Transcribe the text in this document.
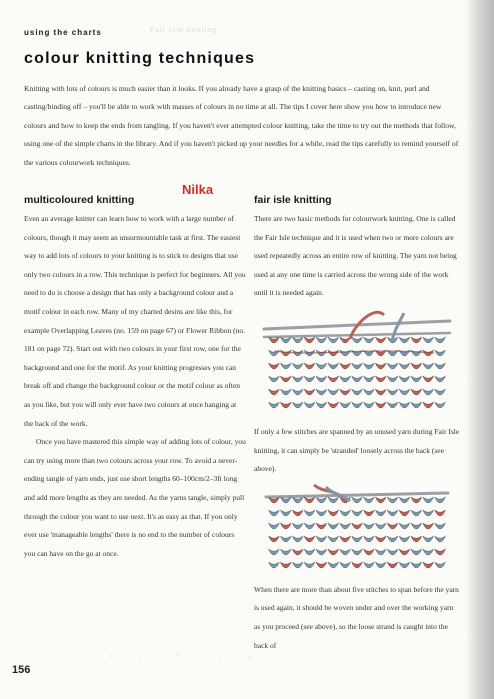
using the charts	Fair Isle knitting
colour knitting techniques

Knitting with lots of colours is much easier than it looks. If you already have a grasp of the knitting basics – casting on, knit, purl and casting/binding off – you'll be able to work with masses of colours in no time at all. The tips I cover here show you how to introduce new colours and how to keep the ends from tangling. If you haven't ever attempted colour knitting, take the time to try out the methods that follow, using one of the simple charts in the library. And if you haven't picked up your needles for a while, read the tips carefully to remind yourself of the various colourwork techniques.

Nilka
multicoloured knitting

Even an average knitter can learn how to work with a large number of colours, though it may seem an unsurmountable task at first. The easiest way to add lots of colours to your knitting is to stick to designs that use only two colours in a row. This technique is perfect for beginners. All you need to do is choose a design that has only a background colour and a motif colour in each row. Many of my charted desins are like this, for example Overlapping Leaves (no. 159 on page 67) or Flower Ribbon (no. 181 on page 72). Start out with two colours in your first row, one for the background and one for the motif. As your knitting progresses you can break off and change the background colour or the motif colour as often as you like, but you will only ever have two colours at once hanging at the back of the work.

Once you have mastered this simple way of adding lots of colour, you can try using more than two colours across your row. To avoid a never-ending tangle of yarn ends, just use short lengths 60–100cm/2–3ft long and add more lengths as they are needed. As the yarns tangle, simply pull through the colour you want to use next. It's as easy as that. If you only ever use 'manageable lengths' there is no end to the number of colours you can have on the go at once.

fair isle knitting

There are two basic methods for colourwork knitting. One is called the Fair Isle technique and it is used when two or more colours are used repeatedly across an entire row of knitting. The yarn not being used at any one time is carried across the wrong side of the work until it is needed again.

If only a few stitches are spanned by an unused yarn during Fair Isle knitting, it can simply be 'stranded' loosely across the back (see above).

When there are more than about five stitches to span before the yarn is used again, it should be woven under and over the working yarn as you proceed (see above), so the loose strand is caught into the back of

156
